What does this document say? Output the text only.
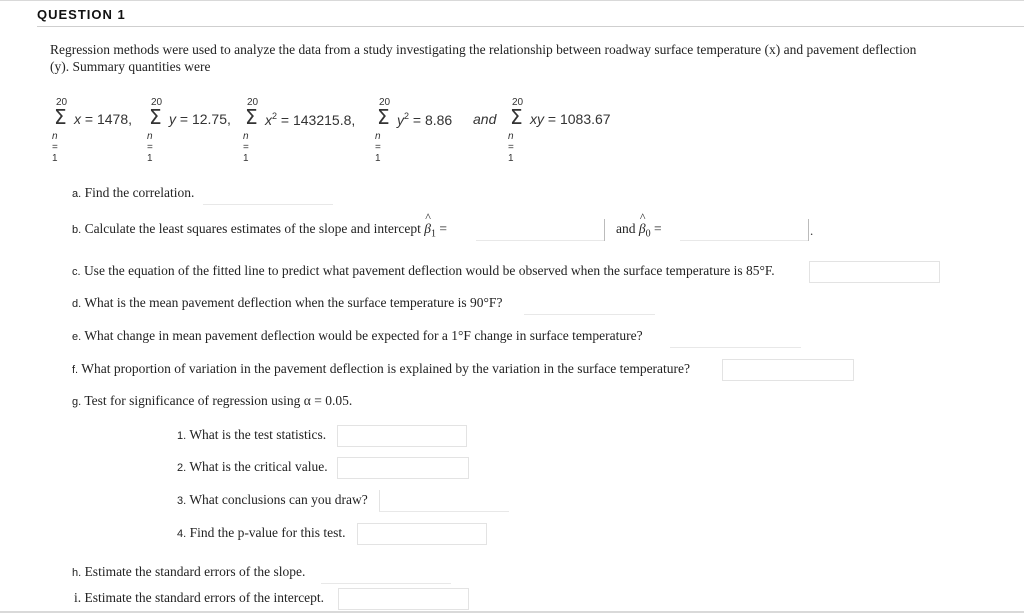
QUESTION 1
Regression methods were used to analyze the data from a study investigating the relationship between roadway surface temperature (x) and pavement deflection (y). Summary quantities were
20
Σ
n = 1
x = 1478,
20
Σ
n = 1
y = 12.75,
20
Σ
n = 1
$x^2 = 143215.8$,
20
Σ
n = 1
$y^2 = 8.86$ and
20
Σ
n = 1
xy = 1083.67
a. Find the correlation.
b. Calculate the least squares estimates of the slope and intercept
^
$\beta_1$ =	and
^
$\beta_0$ =	.
c. Use the equation of the fitted line to predict what pavement deflection would be observed when the surface temperature is 85°F.
d. What is the mean pavement deflection when the surface temperature is 90°F?
e. What change in mean pavement deflection would be expected for a 1°F change in surface temperature?
f. What proportion of variation in the pavement deflection is explained by the variation in the surface temperature?
g. Test for significance of regression using α = 0.05.
1. What is the test statistics.
2. What is the critical value.
3. What conclusions can you draw?
4. Find the p-value for this test.
h. Estimate the standard errors of the slope.
i. Estimate the standard errors of the intercept.
